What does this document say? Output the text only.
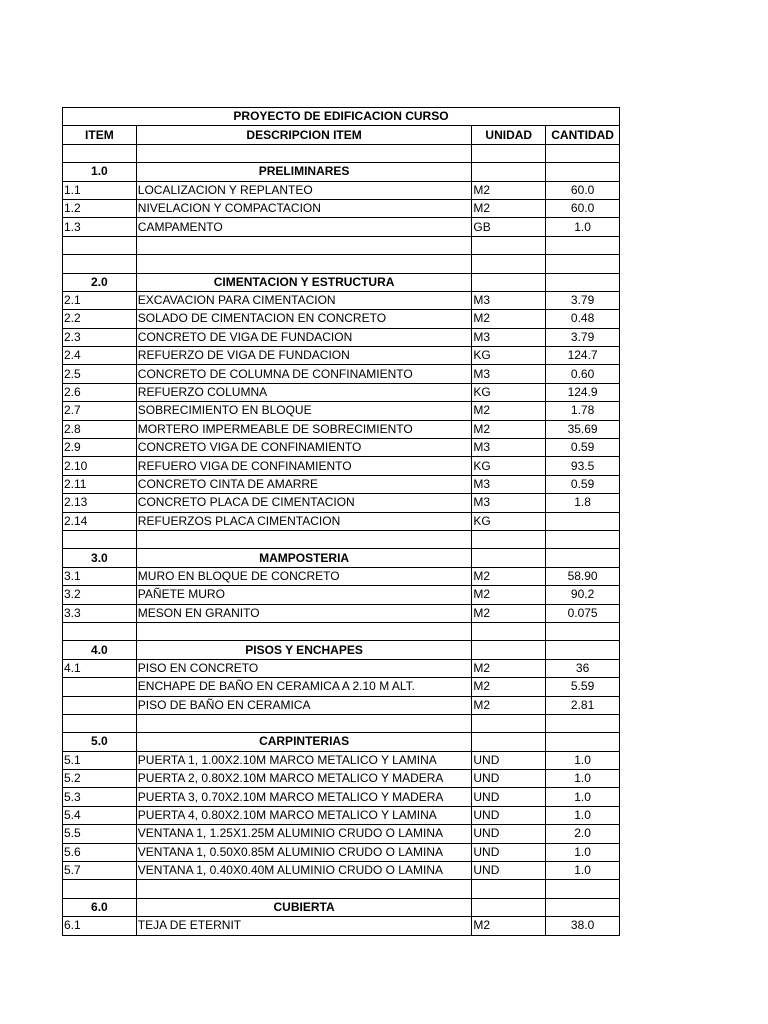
PROYECTO DE EDIFICACION CURSO			
ITEM	DESCRIPCION ITEM	UNIDAD	CANTIDAD

1.0	PRELIMINARES		
1.1	LOCALIZACION Y REPLANTEO	M2	60.0
1.2	NIVELACION Y COMPACTACION	M2	60.0
1.3	CAMPAMENTO	GB	1.0

2.0	CIMENTACION Y ESTRUCTURA		
2.1	EXCAVACION PARA CIMENTACION	M3	3.79
2.2	SOLADO DE CIMENTACION EN CONCRETO	M2	0.48
2.3	CONCRETO DE VIGA DE FUNDACION	M3	3.79
2.4	REFUERZO DE VIGA DE FUNDACION	KG	124.7
2.5	CONCRETO DE COLUMNA DE CONFINAMIENTO	M3	0.60
2.6	REFUERZO COLUMNA	KG	124.9
2.7	SOBRECIMIENTO EN BLOQUE	M2	1.78
2.8	MORTERO IMPERMEABLE DE SOBRECIMIENTO	M2	35.69
2.9	CONCRETO VIGA DE CONFINAMIENTO	M3	0.59
2.10	REFUERO VIGA DE CONFINAMIENTO	KG	93.5
2.11	CONCRETO CINTA DE AMARRE	M3	0.59
2.13	CONCRETO PLACA DE CIMENTACION	M3	1.8
2.14	REFUERZOS PLACA CIMENTACION	KG	

3.0	MAMPOSTERIA		
3.1	MURO EN BLOQUE DE CONCRETO	M2	58.90
3.2	PAÑETE MURO	M2	90.2
3.3	MESON EN GRANITO	M2	0.075

4.0	PISOS Y ENCHAPES		
4.1	PISO EN CONCRETO	M2	36
	ENCHAPE DE BAÑO EN CERAMICA A 2.10 M ALT.	M2	5.59
	PISO DE BAÑO EN CERAMICA	M2	2.81

5.0	CARPINTERIAS		
5.1	PUERTA 1, 1.00X2.10M MARCO METALICO Y LAMINA	UND	1.0
5.2	PUERTA 2, 0.80X2.10M MARCO METALICO Y MADERA	UND	1.0
5.3	PUERTA 3, 0.70X2.10M MARCO METALICO Y MADERA	UND	1.0
5.4	PUERTA 4, 0.80X2.10M MARCO METALICO Y LAMINA	UND	1.0
5.5	VENTANA 1, 1.25X1.25M ALUMINIO CRUDO O LAMINA	UND	2.0
5.6	VENTANA 1, 0.50X0.85M ALUMINIO CRUDO O LAMINA	UND	1.0
5.7	VENTANA 1, 0.40X0.40M ALUMINIO CRUDO O LAMINA	UND	1.0

6.0	CUBIERTA		
6.1	TEJA DE ETERNIT	M2	38.0
